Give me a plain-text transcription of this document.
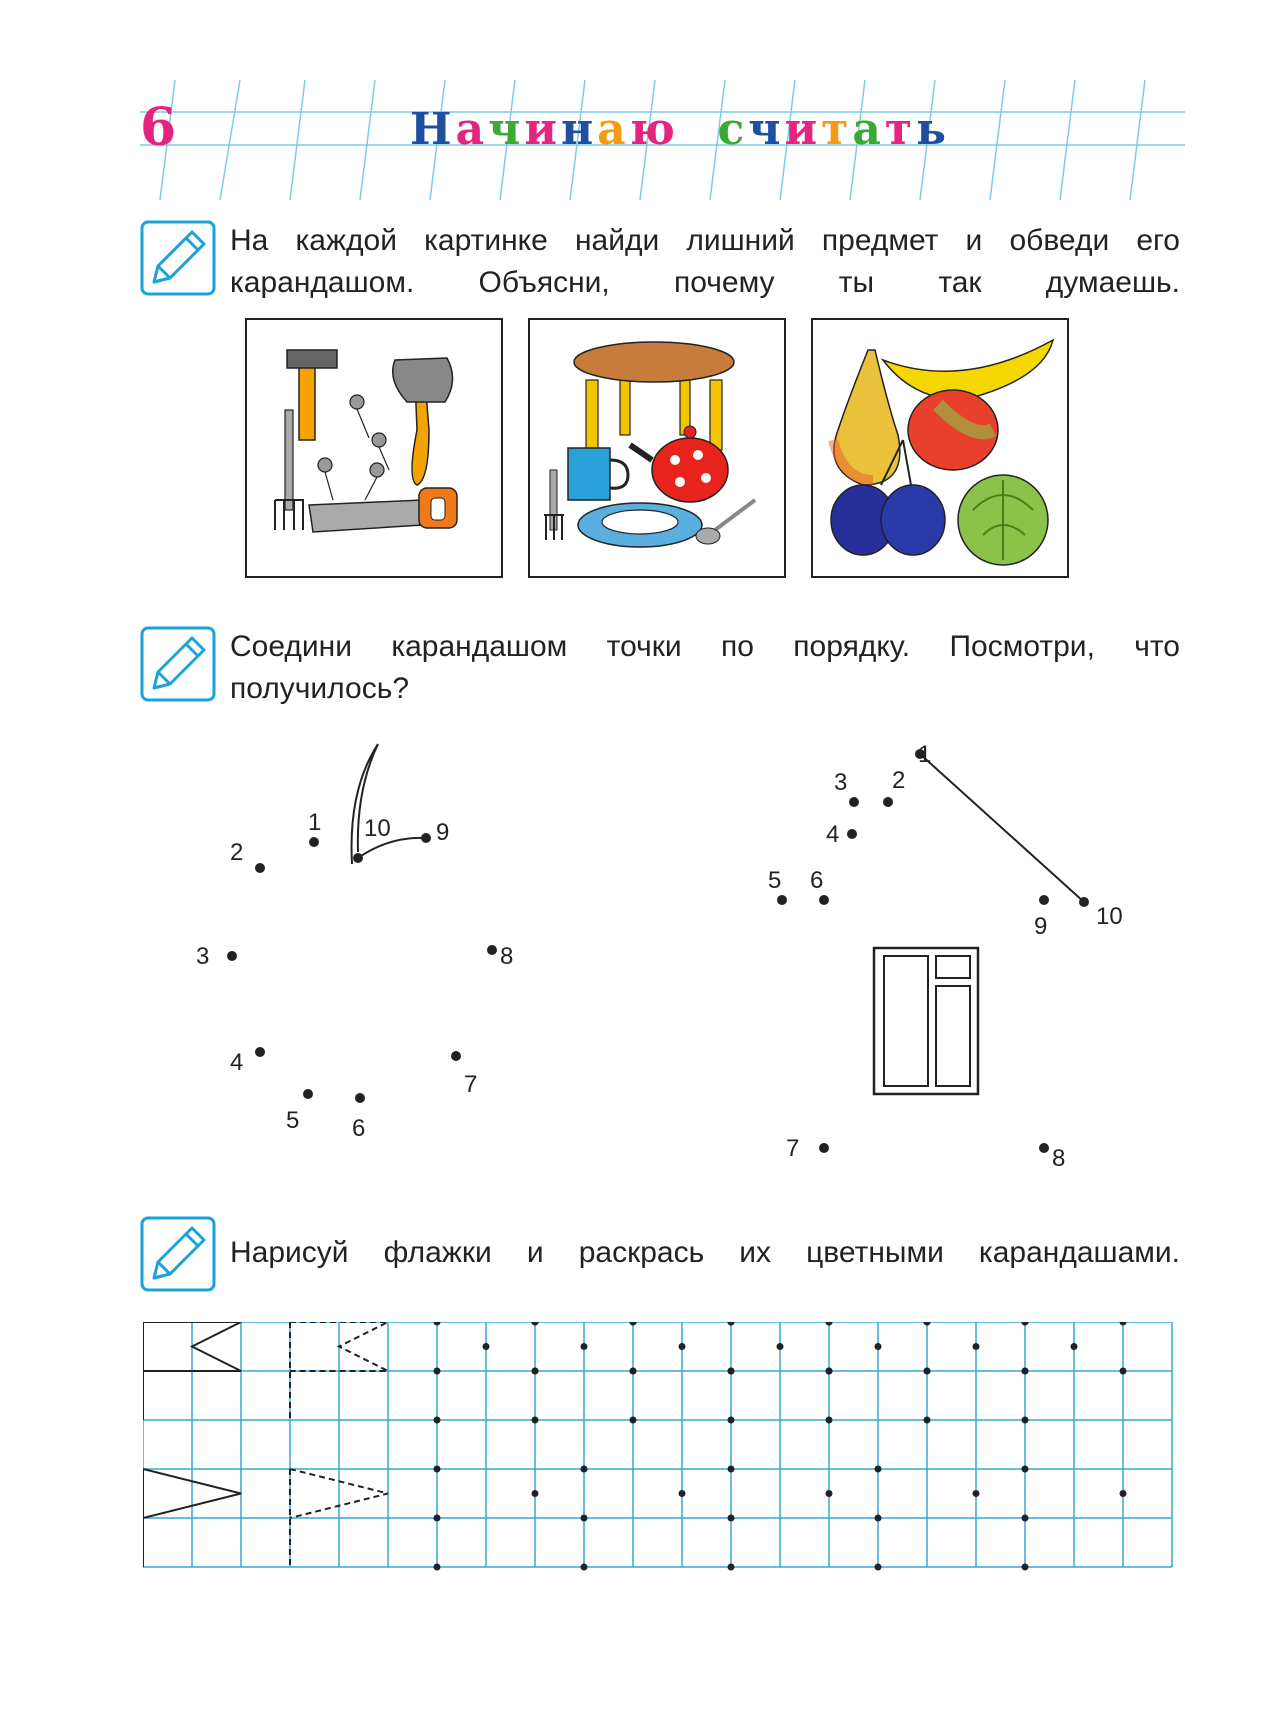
6	Начинаю считать
На каждой картинке найди лишний предмет и обведи его карандашом. Объясни, почему ты так думаешь.
Соедини карандашом точки по порядку. Посмотри, что получилось?
1
2
3
4
5 6
7
8
9
10
1
2
3
4
5 6
7	8
9 10
Нарисуй флажки и раскрась их цветными карандашами.
